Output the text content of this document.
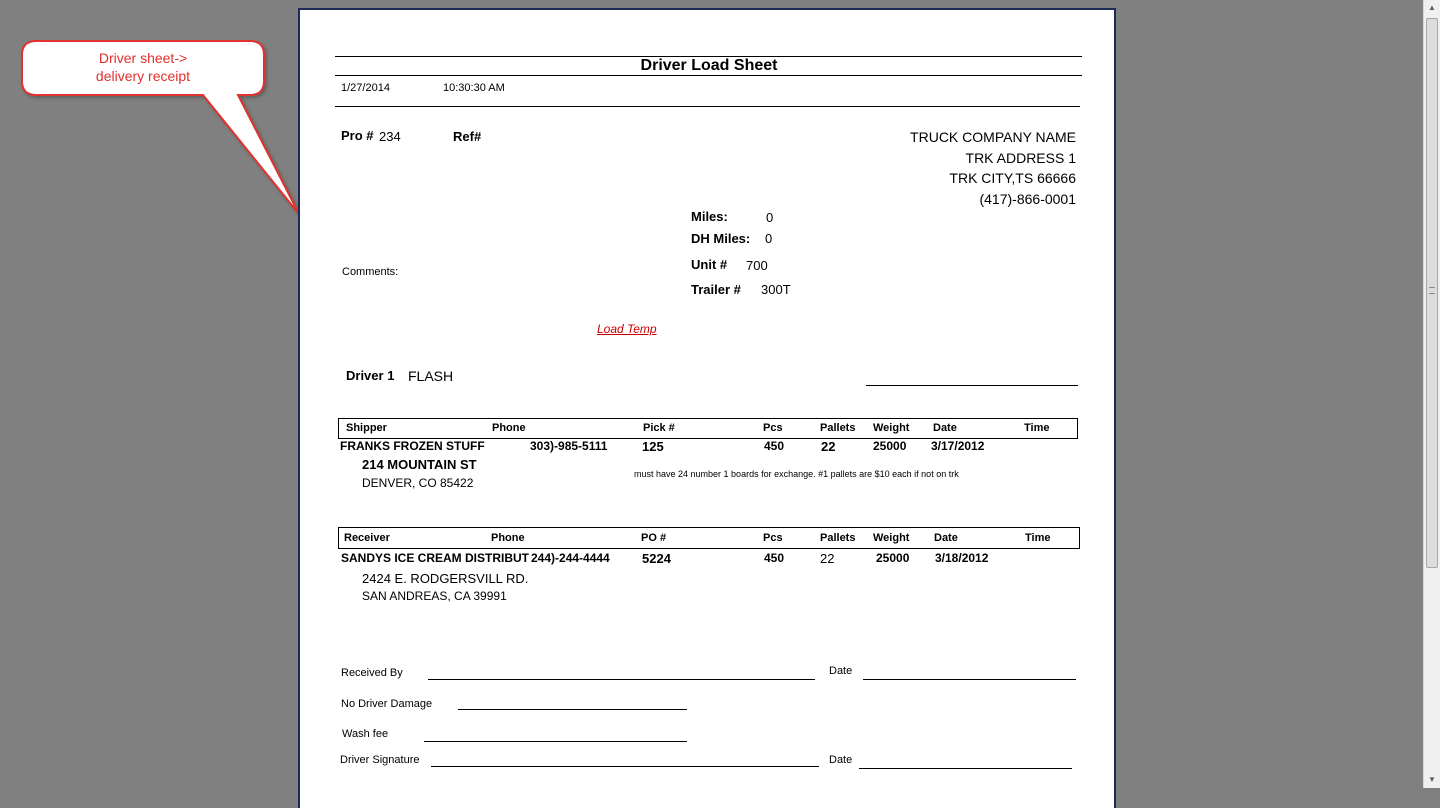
Driver sheet->
delivery receipt
Driver Load Sheet
1/27/2014	10:30:30 AM
Pro # 234	Ref#	TRUCK COMPANY NAME
TRK ADDRESS 1
TRK CITY,TS 66666
(417)-866-0001
Miles:	0
DH Miles: 0
Unit # 700
Trailer # 300T
Comments:
Load Temp
Driver 1 FLASH
Shipper	Phone	Pick #	Pcs	Pallets Weight Date	Time
FRANKS FROZEN STUFF	303)-985-5111	125	450	22	25000 3/17/2012
214 MOUNTAIN ST
DENVER, CO 85422
must have 24 number 1 boards for exchange. #1 pallets are $10 each if not on trk
Receiver	Phone	PO #	Pcs	Pallets Weight Date	Time
SANDYS ICE CREAM DISTRIBUT 244)-244-4444 5224	450	22	25000 3/18/2012
2424 E. RODGERSVILL RD.
SAN ANDREAS, CA 39991
Received By	Date
No Driver Damage
Wash fee
Driver Signature	Date
▲
▼
